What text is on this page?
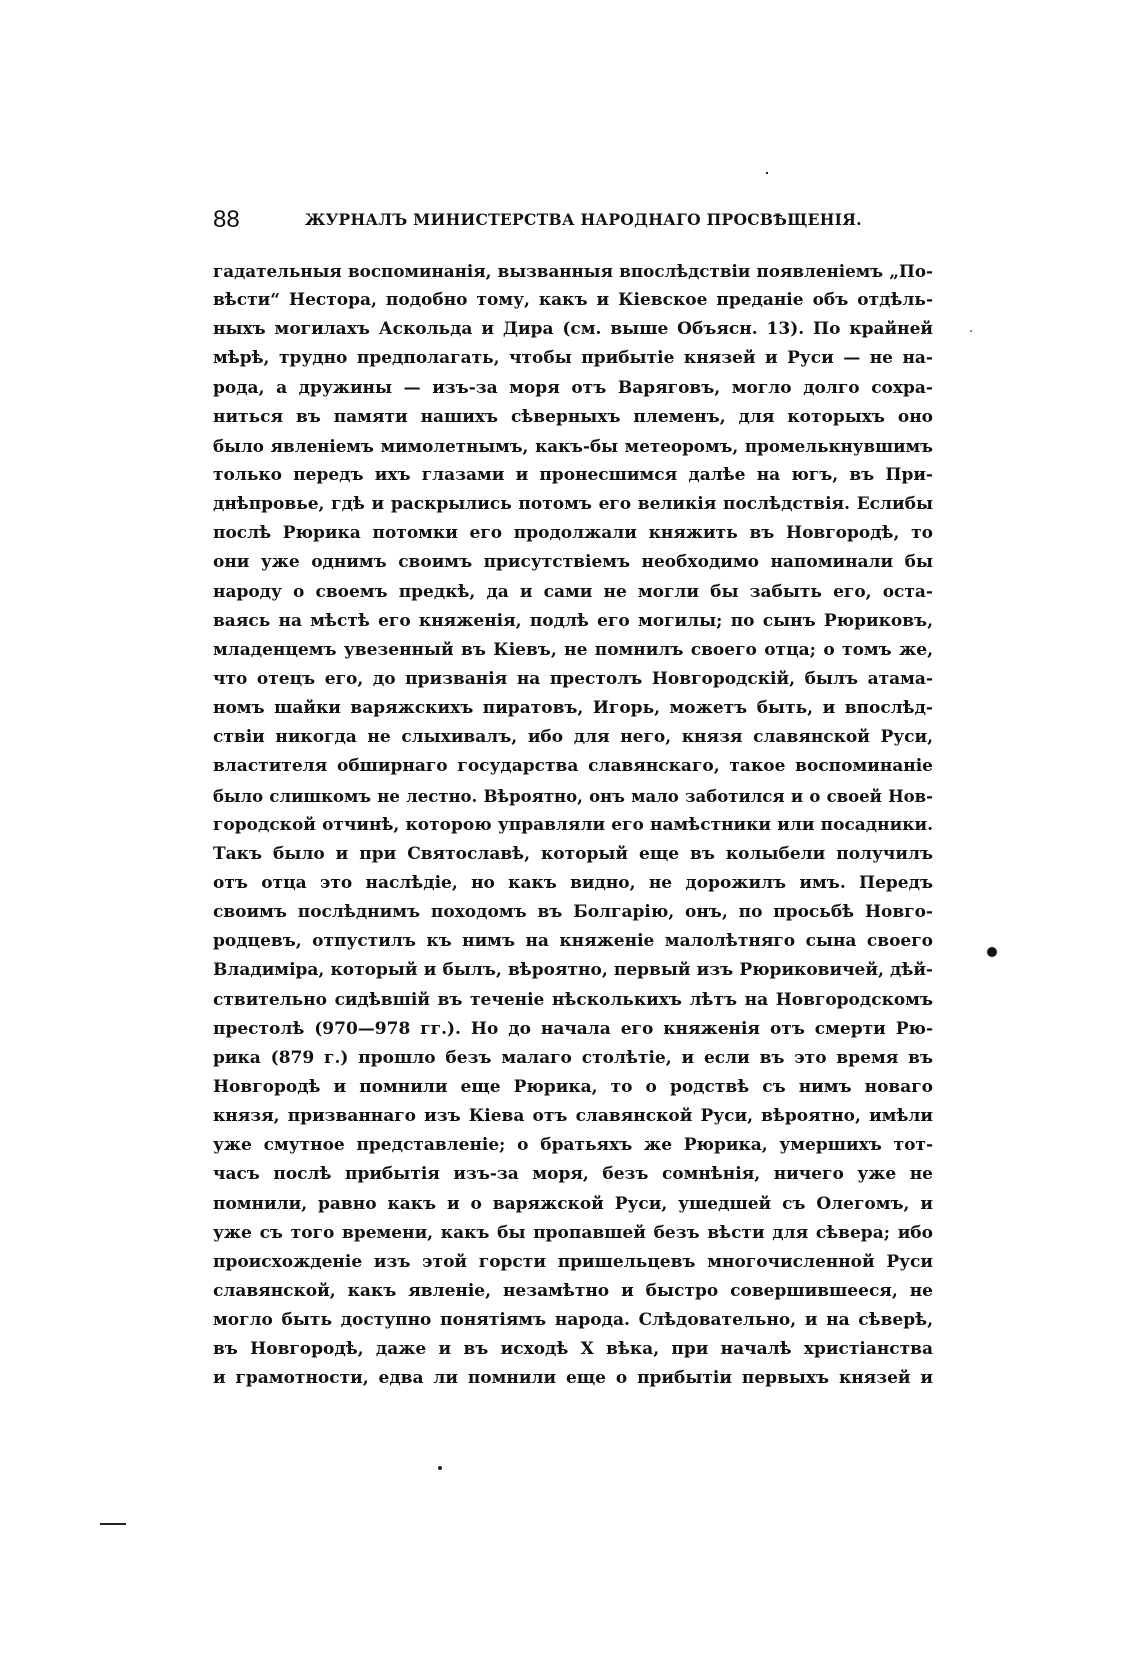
88	ЖУРНАЛЪ МИНИСТЕРСТВА НАРОДНАГО ПРОСВѢЩЕНІЯ.
гадательныя воспоминанія, вызванныя впослѣдствіи появленіемъ „По-
вѣсти“ Нестора, подобно тому, какъ и Кіевское преданіе объ отдѣль-
ныхъ могилахъ Аскольда и Дира (см. выше Объясн. 13). По крайней
мѣрѣ, трудно предполагать, чтобы прибытіе князей и Руси — не на-
рода, а дружины — изъ-за моря отъ Варяговъ, могло долго сохра-
ниться въ памяти нашихъ сѣверныхъ племенъ, для которыхъ оно
было явленіемъ мимолетнымъ, какъ-бы метеоромъ, промелькнувшимъ
только передъ ихъ глазами и пронесшимся далѣе на югъ, въ При-
днѣпровье, гдѣ и раскрылись потомъ его великія послѣдствія. Еслибы
послѣ Рюрика потомки его продолжали княжить въ Новгородѣ, то
они уже однимъ своимъ присутствіемъ необходимо напоминали бы
народу о своемъ предкѣ, да и сами не могли бы забыть его, оста-
ваясь на мѣстѣ его княженія, подлѣ его могилы; по сынъ Рюриковъ,
младенцемъ увезенный въ Кіевъ, не помнилъ своего отца; о томъ же,
что отецъ его, до призванія на престолъ Новгородскій, былъ атама-
номъ шайки варяжскихъ пиратовъ, Игорь, можетъ быть, и впослѣд-
ствіи никогда не слыхивалъ, ибо для него, князя славянской Руси,
властителя обширнаго государства славянскаго, такое воспоминаніе
было слишкомъ не лестно. Вѣроятно, онъ мало заботился и о своей Нов-
городской отчинѣ, которою управляли его намѣстники или посадники.
Такъ было и при Святославѣ, который еще въ колыбели получилъ
отъ отца это наслѣдіе, но какъ видно, не дорожилъ имъ. Передъ
своимъ послѣднимъ походомъ въ Болгарію, онъ, по просьбѣ Новго-
родцевъ, отпустилъ къ нимъ на княженіе малолѣтняго сына своего
Владиміра, который и былъ, вѣроятно, первый изъ Рюриковичей, дѣй-
ствительно сидѣвшій въ теченіе нѣсколькихъ лѣтъ на Новгородскомъ
престолѣ (970—978 гг.). Но до начала его княженія отъ смерти Рю-
рика (879 г.) прошло безъ малаго столѣтіе, и если въ это время въ
Новгородѣ и помнили еще Рюрика, то о родствѣ съ нимъ новаго
князя, призваннаго изъ Кіева отъ славянской Руси, вѣроятно, имѣли
уже смутное представленіе; о братьяхъ же Рюрика, умершихъ тот-
часъ послѣ прибытія изъ-за моря, безъ сомнѣнія, ничего уже не
помнили, равно какъ и о варяжской Руси, ушедшей съ Олегомъ, и
уже съ того времени, какъ бы пропавшей безъ вѣсти для сѣвера; ибо
происхожденіе изъ этой горсти пришельцевъ многочисленной Руси
славянской, какъ явленіе, незамѣтно и быстро совершившееся, не
могло быть доступно понятіямъ народа. Слѣдовательно, и на сѣверѣ,
въ Новгородѣ, даже и въ исходѣ X вѣка, при началѣ христіанства
и грамотности, едва ли помнили еще о прибытіи первыхъ князей и
